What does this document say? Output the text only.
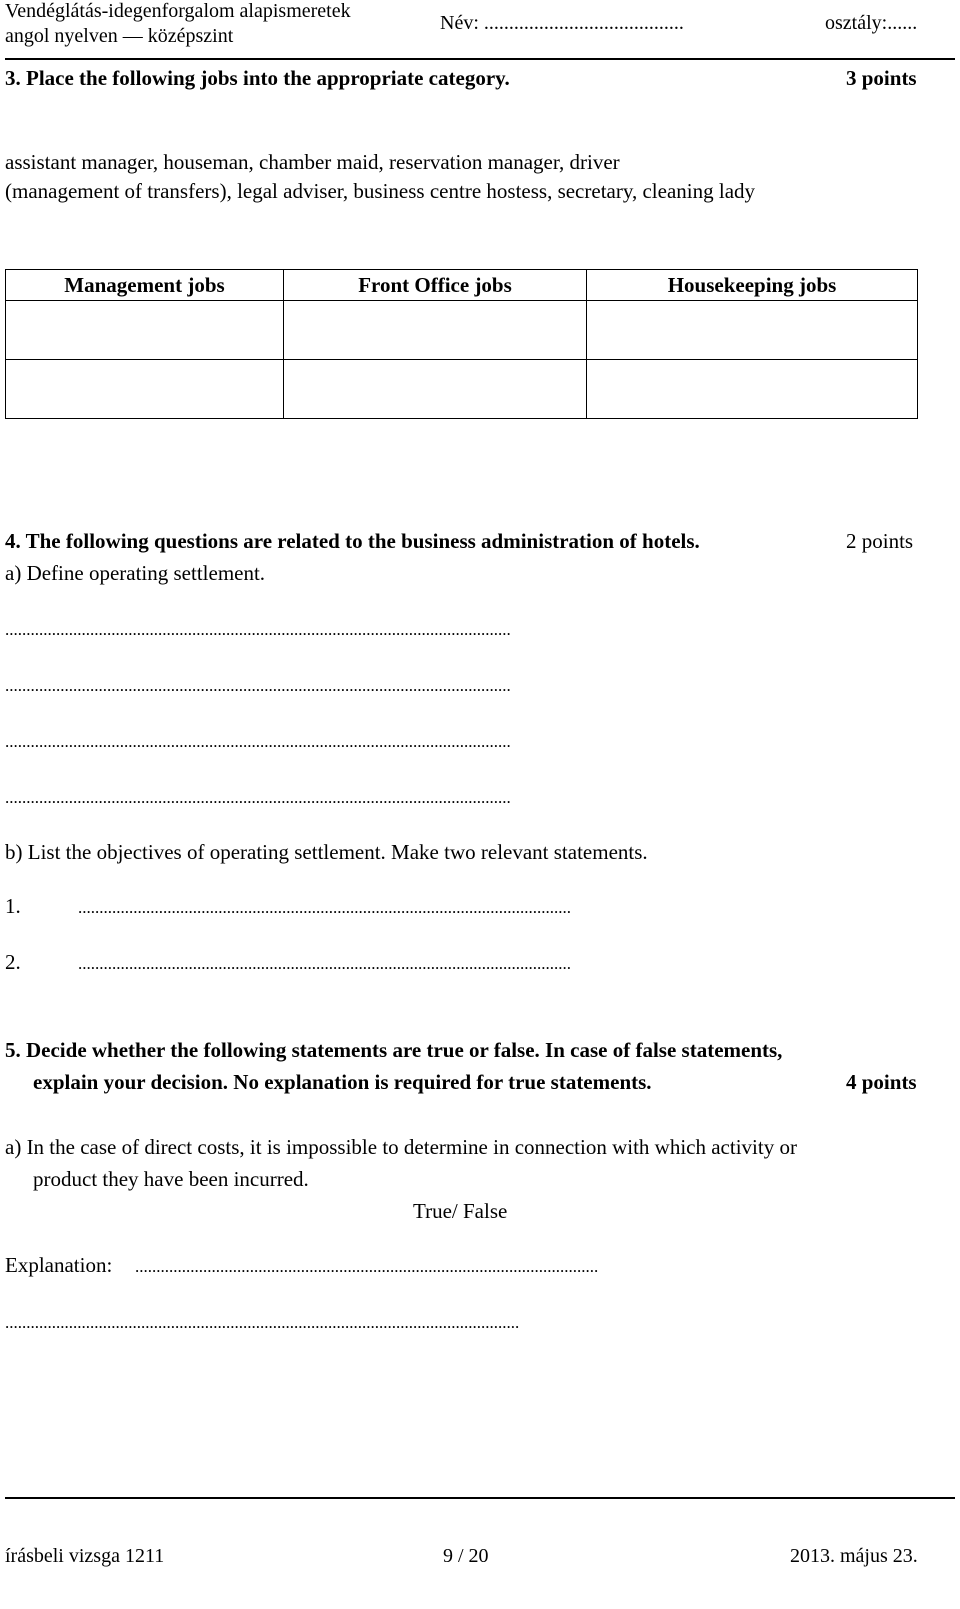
Vendéglátás-idegenforgalom alapismeretek
angol nyelven — középszint
Név: ........................................	osztály:......
3. Place the following jobs into the appropriate category.	3 points
assistant manager, houseman, chamber maid, reservation manager, driver
(management of transfers), legal adviser, business centre hostess, secretary, cleaning lady
Management jobs	Front Office jobs	Housekeeping jobs

4. The following questions are related to the business administration of hotels.	2 points
a) Define operating settlement.
.......................................................................................................................
.......................................................................................................................
.......................................................................................................................
.......................................................................................................................
b) List the objectives of operating settlement. Make two relevant statements.
1.	....................................................................................................................
2.	....................................................................................................................
5. Decide whether the following statements are true or false. In case of false statements,
explain your decision. No explanation is required for true statements.	4 points
a) In the case of direct costs, it is impossible to determine in connection with which activity or
product they have been incurred.
True/ False
Explanation: .............................................................................................................
.........................................................................................................................
írásbeli vizsga 1211	9 / 20	2013. május 23.
